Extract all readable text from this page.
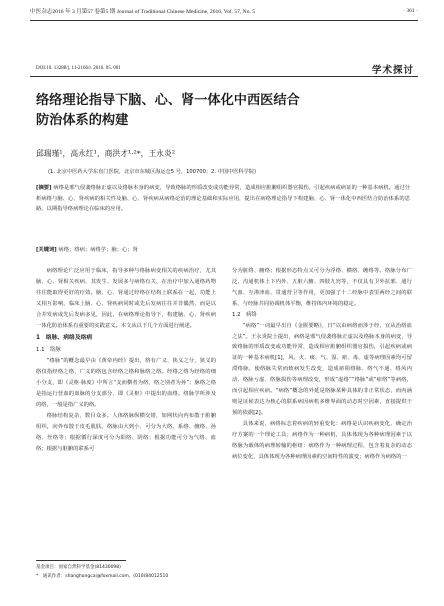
中医杂志2016 年 3 月第57 卷第5 期 Journal of Traditional Chinese Medicine, 2016, Vol. 57, No. 5	· 361 ·
学术探讨
DOI:10. 13288/j. 11-2166/r. 2016. 05. 001
络络理论指导下脑、心、肾一体化中西医结合
防治体系的构建
邱瑞瑾¹，高永红¹，商洪才¹·²*，王永炎²
(1. 北京中医药大学东直门医院，北京市东城区海运仓5 号，100700；2. 中国中医科学院)
[摘要] 病络是邪气侵袭络脉正虚以及络脉本身的病变，导致络脉的形质改变或功能异常，造成相应脏腑组织器官损伤，引起疾病或病证的一种基本病机。通过分析病络与脑、心、肾疾病的相关性及脑、心、肾疾病从病络论治的理论基础和实际应用，提出在病络理论指导下构建脑、心、肾一体化中西医结合防治体系的思路，以期指导络病理论在临床的应用。
[关键词] 病络；络病；病络学；脑；心；肾

病络理论广泛应用于临床，指导多种与络脉病变相关的疾病治疗，尤其脑、心、肾相关疾病，其发生、发展多与病络有关，在治疗中加入通络药物往往能取得更好的疗效。脑、心、肾通过经络在结构上联系在一起，功能上又相互影响，临床上脑、心、肾疾病同时或先后发病往往并非偶然，而是以合并发病或先后发病多见，因此，在病络理论指导下，构建脑、心、肾疾病一体化防治体系有重要的实践意义。本文从以下几个方面进行阐述。

1　络脉、病络及络病
1.1　络脉

“络脉”的概念最早由《黄帝内经》提出，络有广义、狭义之分，狭义的络仅指经络之络，广义的络包含经络之络和脉络之络。经络之络为经络的细小分支，即《灵枢·脉度》中所言“支而横者为络，络之别者为孙”；脉络之络是指运行营血的血脉的分支部分，即《灵枢》中提出的血络。络脉学所涉及的络，一般是指广义的络。

络脉结构复杂，数目众多。人体络脉纵横交错，如网状向内布散于脏腑组织，向外布散于皮毛肌肤。络脉由大到小，可分为大络、系络、缠络、孙络、丝络等；根据循行深度可分为阳络、阴络；根据功能可分为气络、血络；根据与脏腑的联系可

分为脏络、腑络；根据形态特点又可分为浮络、横络、缠络等。络脉分布广泛，沟通机体上下内外、五脏六腑、四肢九窍等，不仅具有卫外抗邪、通行气血、互渗津血、贯通营卫等作用，更加强了十二经脉中表里两经之间的联系，与经脉共同协调机体平衡，维持体内环境的稳定。

1.2　病络

“病络”一词最早出自《金匮要略》，曰“以由病络而涉于经，宜从治络血之法”。王永炎院士提出，病络是邪气侵袭络脉正虚以及络脉本身的病变，导致络脉的形质改变或功能异常，造成相应脏腑组织器官损伤，引起疾病或病证的一种基本病机[1]，风、火、痰、气、湿、瘀、毒、虚等病理因素均可留滞络脉，使络脉失常而致病发生改变，造成瘀阻络脉、络气不通、络风内动、络脉亏虚、络脉损伤等病理改变，形成“虚络”“络脉”或“瘀络”等病络，而引起相应疾病。“病络”概念的外延是络脉某种具体的非正常状态，而内涵则是证候表达为核心的联系病因病机多维界面的动态时空因素，直接提供干预的依据[2]。

具体来说，病络标志着疾病的轻重变化：病络是认识疾病变化、确定治疗方案的一个理论工具；病络作为一种病机，具体体现为各种病理因素于以络脉为载体的病理转输的枢纽：病络作为一种病理过程，包含着复杂的动态病位变化，具体体现为各种病理因素的空间特性的演变；病络作为病络的一

基金项目：国家自然科学基金(81430098)
*　通讯作者：shanghongcai@foxmail.com，(010)84012510
